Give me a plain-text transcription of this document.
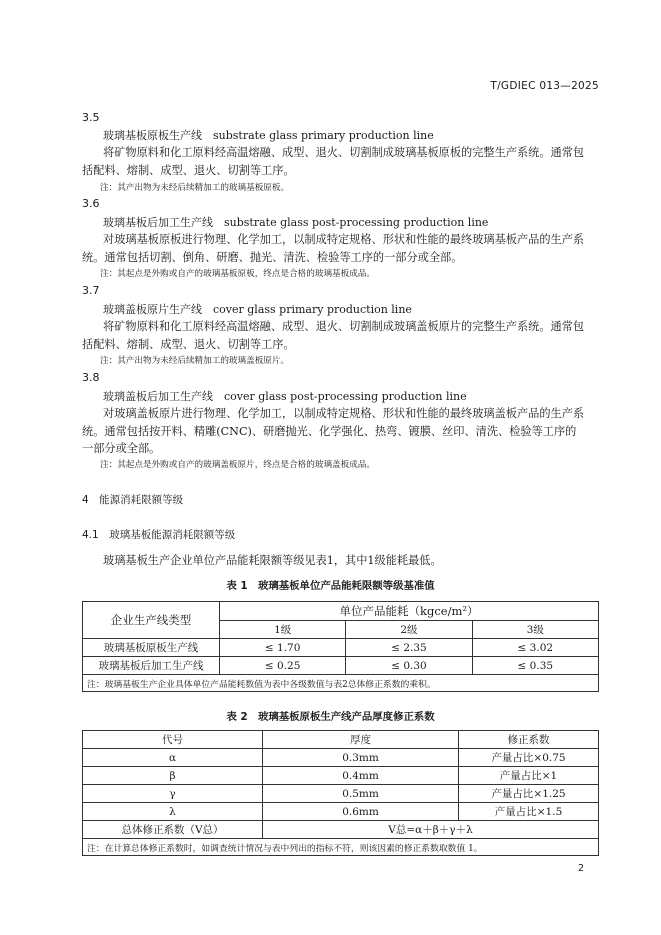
T/GDIEC 013—2025
3.5
玻璃基板原板生产线　substrate glass primary production line
将矿物原料和化工原料经高温熔融、成型、退火、切割制成玻璃基板原板的完整生产系统。通常包
括配料、熔制、成型、退火、切割等工序。
注：其产出物为未经后续精加工的玻璃基板原板。
3.6
玻璃基板后加工生产线　substrate glass post-processing production line
对玻璃基板原板进行物理、化学加工，以制成特定规格、形状和性能的最终玻璃基板产品的生产系
统。通常包括切割、倒角、研磨、抛光、清洗、检验等工序的一部分或全部。
注：其起点是外购或自产的玻璃基板原板，终点是合格的玻璃基板成品。
3.7
玻璃盖板原片生产线　cover glass primary production line
将矿物原料和化工原料经高温熔融、成型、退火、切割制成玻璃盖板原片的完整生产系统。通常包
括配料、熔制、成型、退火、切割等工序。
注：其产出物为未经后续精加工的玻璃盖板原片。
3.8
玻璃盖板后加工生产线　cover glass post-processing production line
对玻璃盖板原片进行物理、化学加工，以制成特定规格、形状和性能的最终玻璃盖板产品的生产系
统。通常包括按开料、精雕(CNC)、研磨抛光、化学强化、热弯、镀膜、丝印、清洗、检验等工序的
一部分或全部。
注：其起点是外购或自产的玻璃盖板原片，终点是合格的玻璃盖板成品。
4　能源消耗限额等级
4.1　玻璃基板能源消耗限额等级
玻璃基板生产企业单位产品能耗限额等级见表1，其中1级能耗最低。
表 1　玻璃基板单位产品能耗限额等级基准值
企业生产线类型	单位产品能耗（kgce/m²）		
	1级	2级	3级
玻璃基板原板生产线	≤ 1.70	≤ 2.35	≤ 3.02
玻璃基板后加工生产线	≤ 0.25	≤ 0.30	≤ 0.35
注：玻璃基板生产企业具体单位产品能耗数值为表中各级数值与表2总体修正系数的乘积。			
表 2　玻璃基板原板生产线产品厚度修正系数
代号	厚度	修正系数
α	0.3mm	产量占比×0.75
β	0.4mm	产量占比×1
γ	0.5mm	产量占比×1.25
λ	0.6mm	产量占比×1.5
总体修正系数（V总）	V总=α＋β＋γ＋λ	
注：在计算总体修正系数时，如调查统计情况与表中列出的指标不符，则该因素的修正系数取数值 1。		
2
